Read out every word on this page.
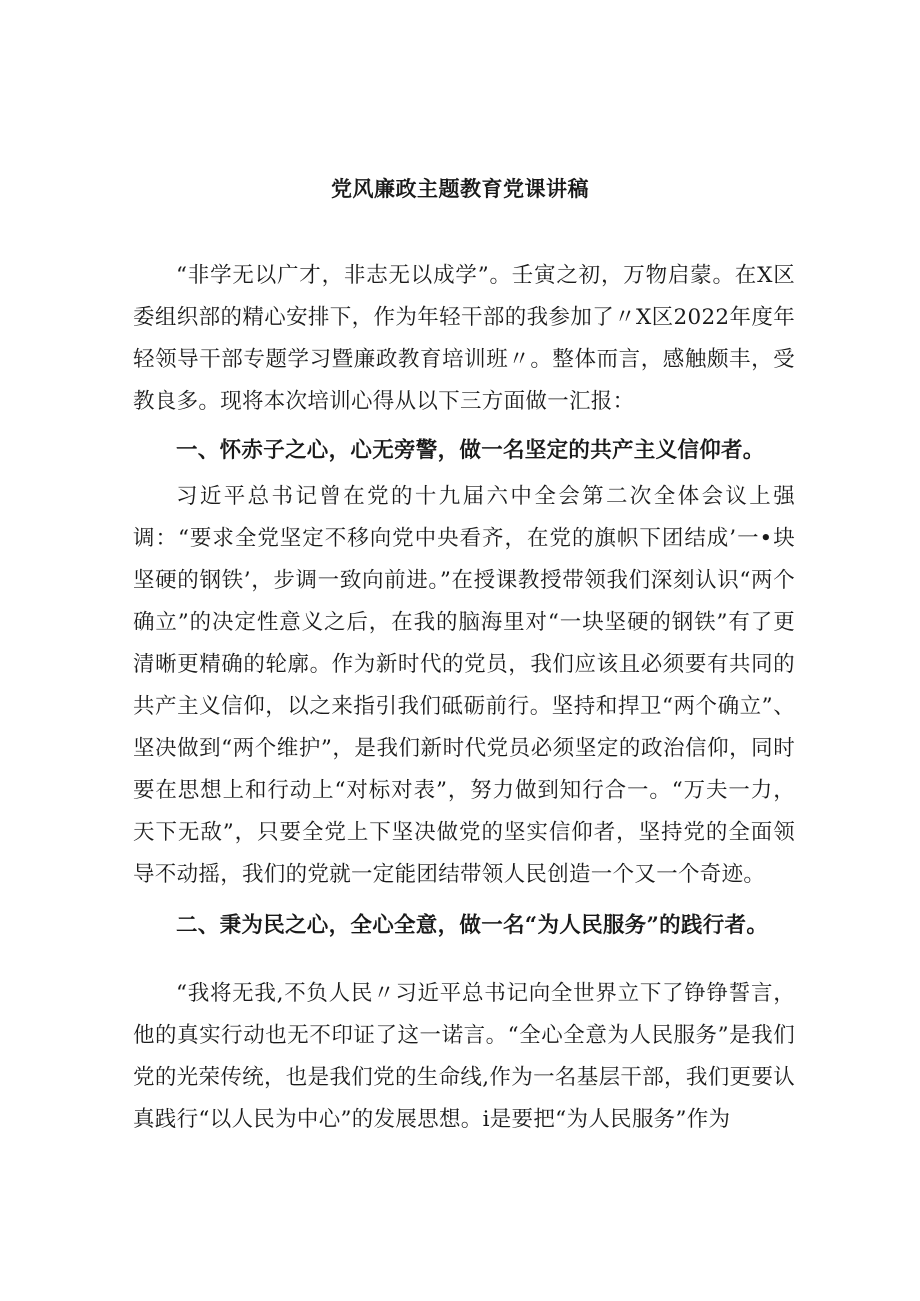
党风廉政主题教育党课讲稿

“非学无以广才，非志无以成学”。壬寅之初，万物启蒙。在X区委组织部的精心安排下，作为年轻干部的我参加了〃X区2022年度年轻领导干部专题学习暨廉政教育培训班〃。整体而言，感触颇丰，受教良多。现将本次培训心得从以下三方面做一汇报：

一、怀赤子之心，心无旁警，做一名坚定的共产主义信仰者。

习近平总书记曾在党的十九届六中全会第二次全体会议上强调：“要求全党坚定不移向党中央看齐，在党的旗帜下团结成’一•块坚硬的钢铁’，步调一致向前进。”在授课教授带领我们深刻认识“两个确立”的决定性意义之后，在我的脑海里对“一块坚硬的钢铁”有了更清晰更精确的轮廓。作为新时代的党员，我们应该且必须要有共同的共产主义信仰，以之来指引我们砥砺前行。坚持和捍卫“两个确立”、坚决做到“两个维护”，是我们新时代党员必须坚定的政治信仰，同时要在思想上和行动上“对标对表”，努力做到知行合一。“万夫一力，天下无敌”，只要全党上下坚决做党的坚实信仰者，坚持党的全面领导不动摇，我们的党就一定能团结带领人民创造一个又一个奇迹。

二、秉为民之心，全心全意，做一名“为人民服务”的践行者。

“我将无我,不负人民〃习近平总书记向全世界立下了铮铮誓言，他的真实行动也无不印证了这一诺言。“全心全意为人民服务”是我们党的光荣传统，也是我们党的生命线,作为一名基层干部，我们更要认真践行“以人民为中心”的发展思想。i是要把“为人民服务”作为
